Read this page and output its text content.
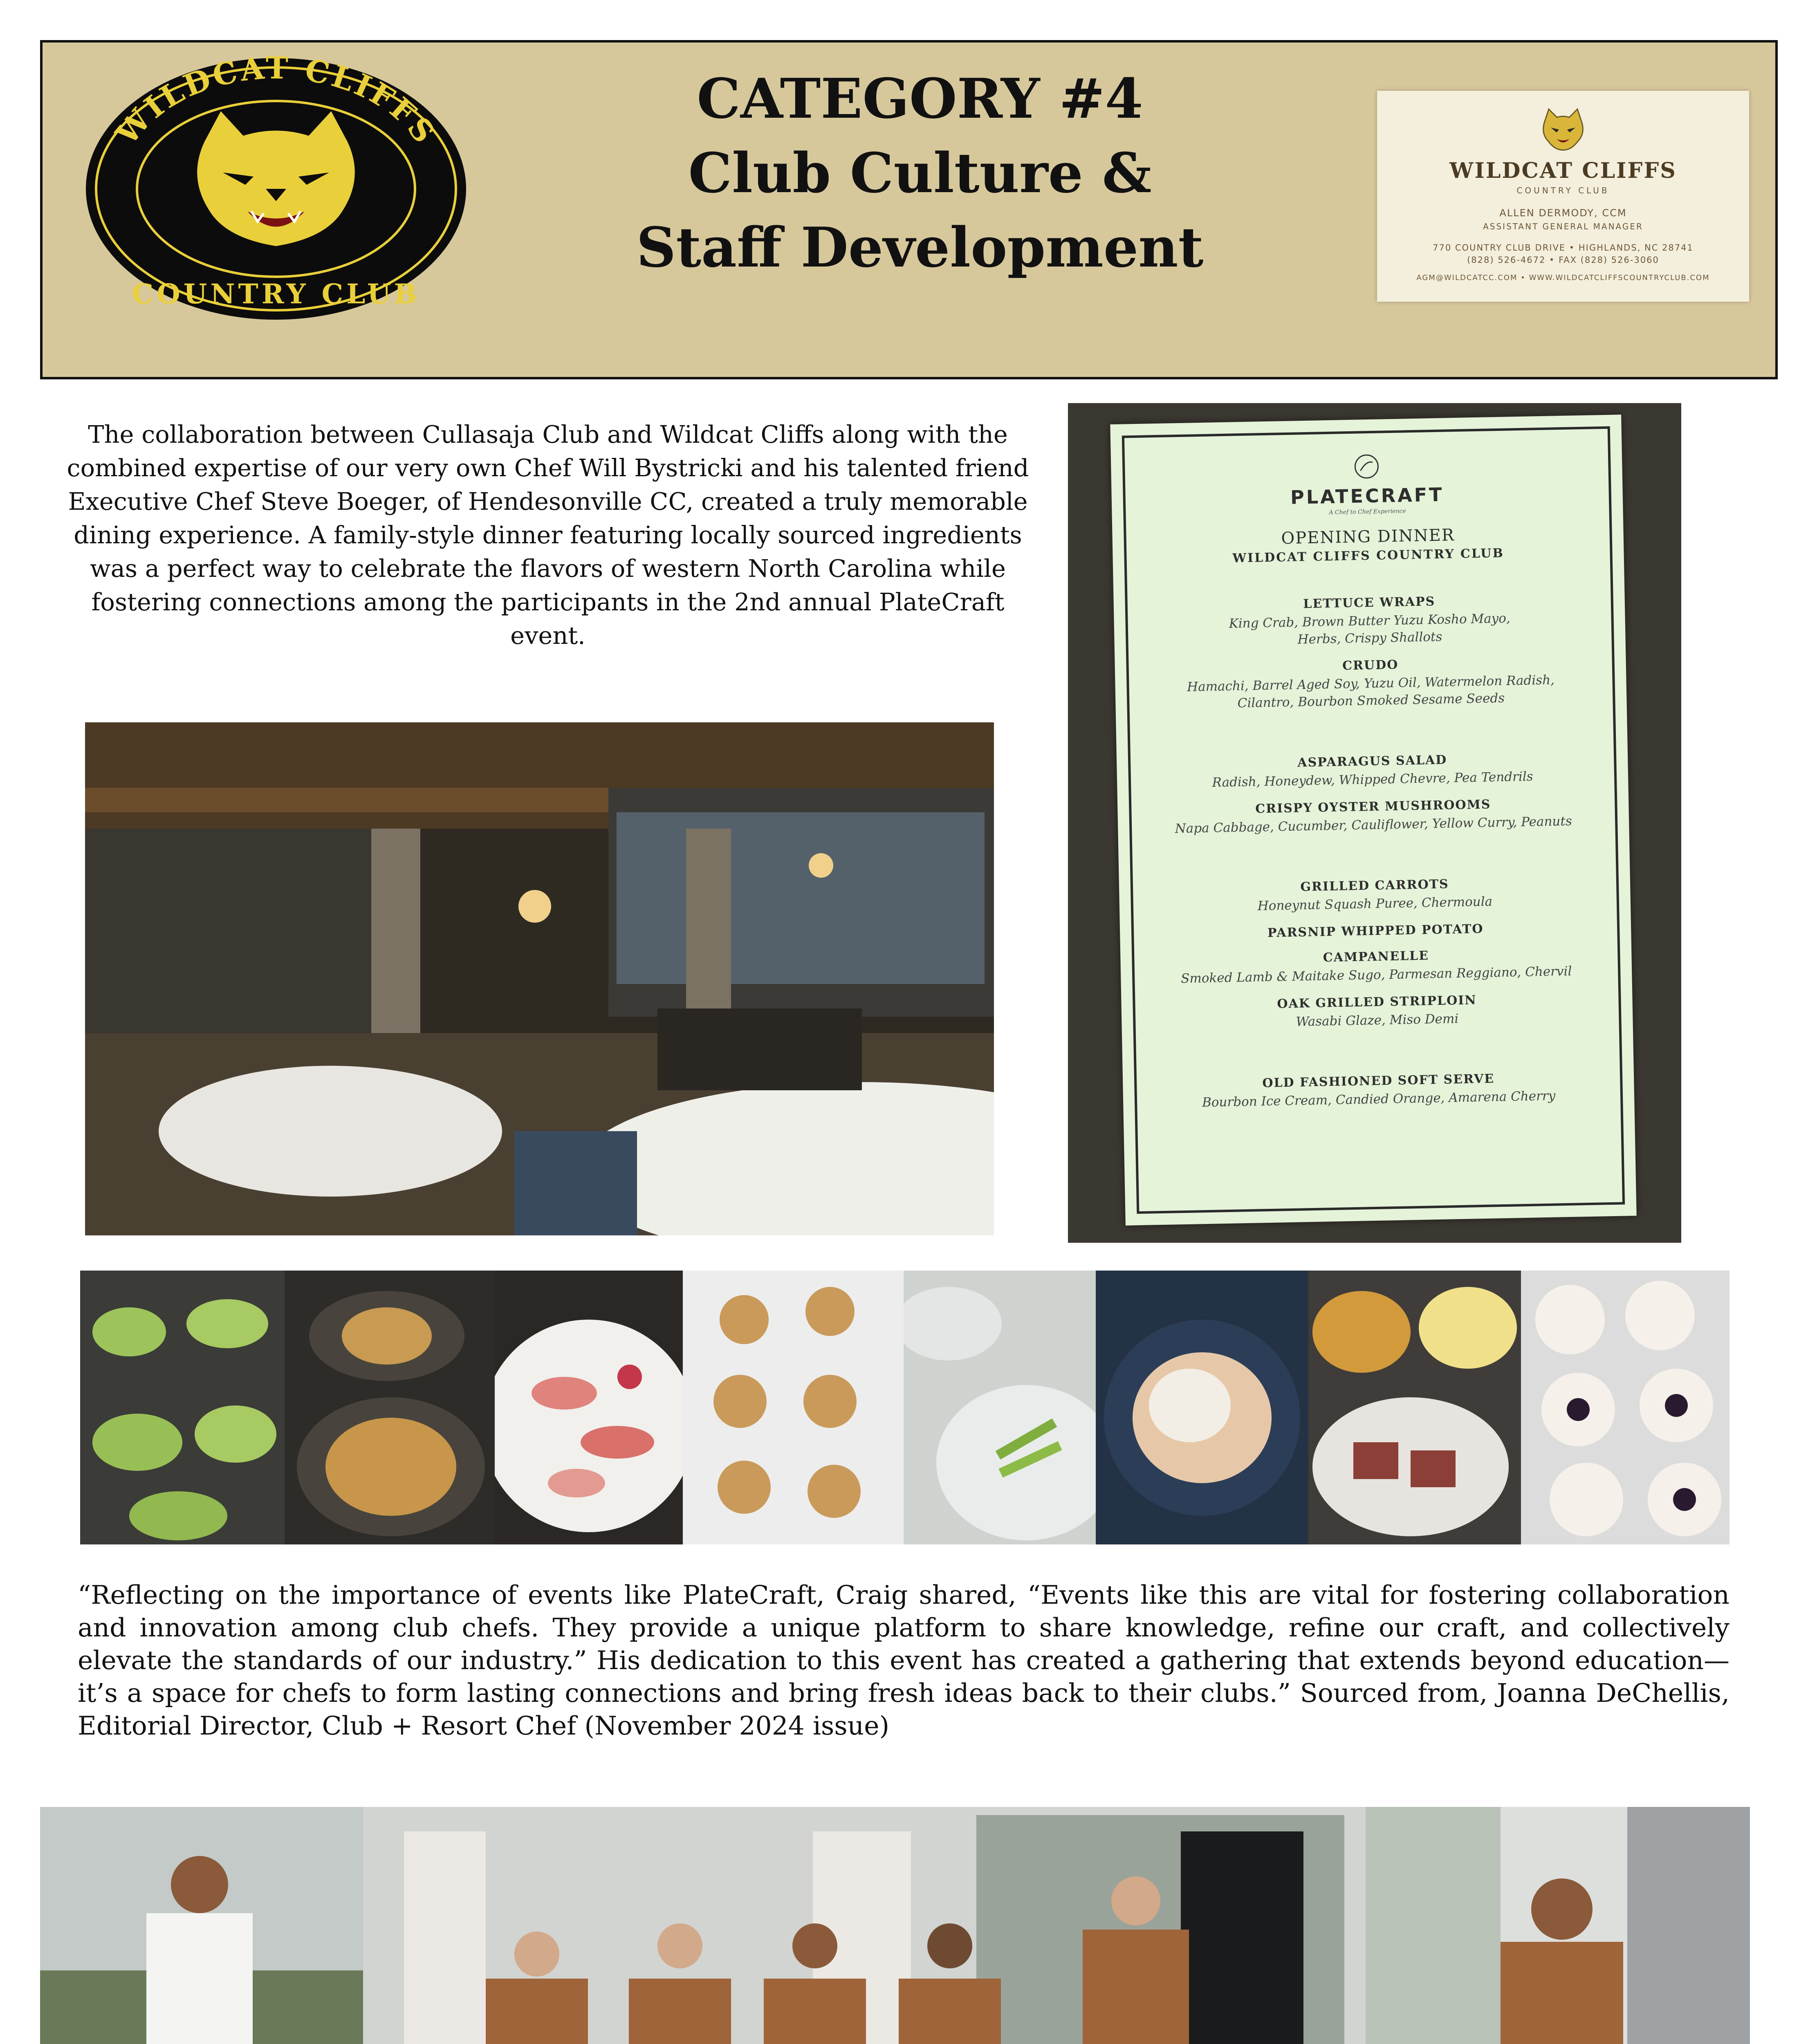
WILDCAT CLIFFS
COUNTRY CLUB
CATEGORY #4
Club Culture &
Staff Development
WILDCAT CLIFFS
COUNTRY CLUB
ALLEN DERMODY, CCM
ASSISTANT GENERAL MANAGER
770 COUNTRY CLUB DRIVE • HIGHLANDS, NC 28741
(828) 526-4672 • FAX (828) 526-3060
AGM@WILDCATCC.COM • WWW.WILDCATCLIFFSCOUNTRYCLUB.COM

The collaboration between Cullasaja Club and Wildcat Cliffs along with the combined expertise of our very own Chef Will Bystricki and his talented friend Executive Chef Steve Boeger, of Hendesonville CC, created a truly memorable dining experience. A family-style dinner featuring locally sourced ingredients was a perfect way to celebrate the flavors of western North Carolina while fostering connections among the participants in the 2nd annual PlateCraft event.

PLATECRAFT
A Chef to Chef Experience
OPENING DINNER
WILDCAT CLIFFS COUNTRY CLUB
LETTUCE WRAPS
King Crab, Brown Butter Yuzu Kosho Mayo, Herbs, Crispy Shallots
CRUDO
Hamachi, Barrel Aged Soy, Yuzu Oil, Watermelon Radish, Cilantro, Bourbon Smoked Sesame Seeds
ASPARAGUS SALAD
Radish, Honeydew, Whipped Chevre, Pea Tendrils
CRISPY OYSTER MUSHROOMS
Napa Cabbage, Cucumber, Cauliflower, Yellow Curry, Peanuts
GRILLED CARROTS
Honeynut Squash Puree, Chermoula
PARSNIP WHIPPED POTATO
CAMPANELLE
Smoked Lamb & Maitake Sugo, Parmesan Reggiano, Chervil
OAK GRILLED STRIPLOIN
Wasabi Glaze, Miso Demi
OLD FASHIONED SOFT SERVE
Bourbon Ice Cream, Candied Orange, Amarena Cherry

“Reflecting on the importance of events like PlateCraft, Craig shared, “Events like this are vital for fostering collaboration and innovation among club chefs. They provide a unique platform to share knowledge, refine our craft, and collectively elevate the standards of our industry.” His dedication to this event has created a gathering that extends beyond education—it’s a space for chefs to form lasting connections and bring fresh ideas back to their clubs.” Sourced from, Joanna DeChellis, Editorial Director, Club + Resort Chef (November 2024 issue)
